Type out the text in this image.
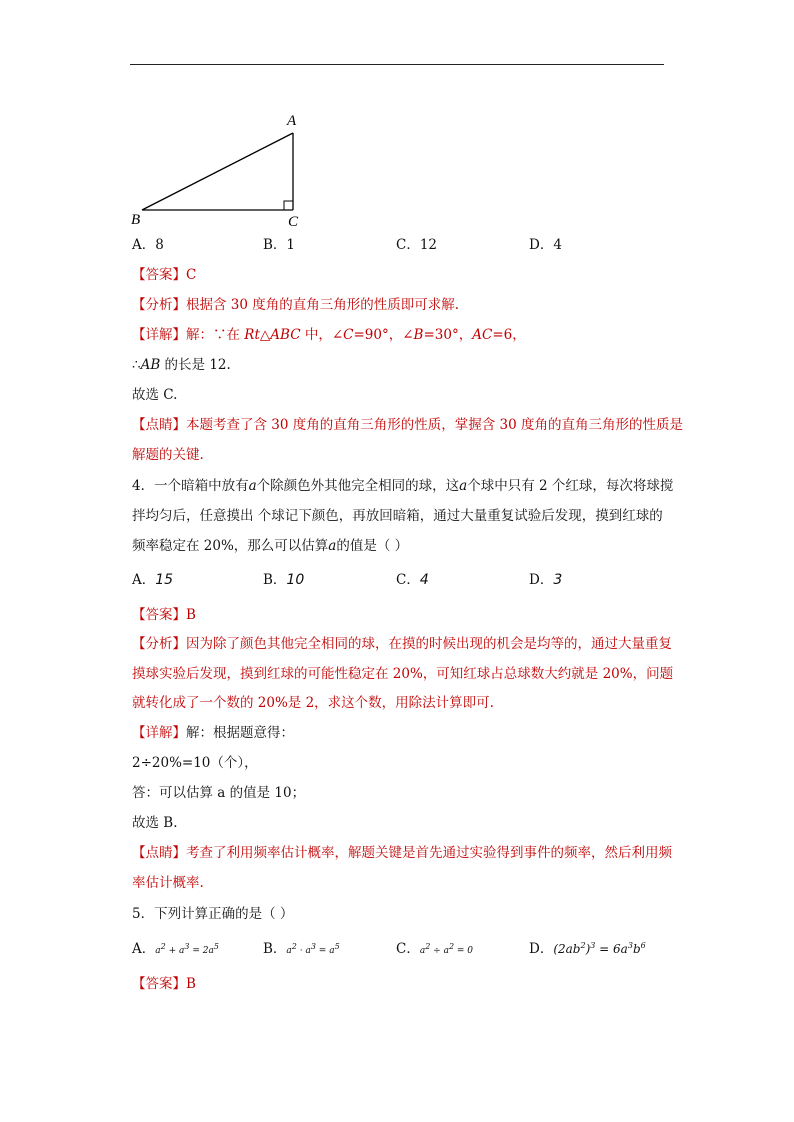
A
B	C
A．8	B．1	C．12	D．4
【答案】C
【分析】根据含 30 度角的直角三角形的性质即可求解.
【详解】解：∵在 Rt△ABC 中，∠C=90°，∠B=30°，AC=6，
∴AB 的长是 12.
故选 C.
【点睛】本题考查了含 30 度角的直角三角形的性质，掌握含 30 度角的直角三角形的性质是
解题的关键.
4．一个暗箱中放有a个除颜色外其他完全相同的球，这a个球中只有 2 个红球，每次将球搅
拌均匀后，任意摸出 个球记下颜色，再放回暗箱，通过大量重复试验后发现，摸到红球的
频率稳定在 20%，那么可以估算a的值是（ ）
A．15	B．10	C．4	D．3
【答案】B
【分析】因为除了颜色其他完全相同的球，在摸的时候出现的机会是均等的，通过大量重复
摸球实验后发现，摸到红球的可能性稳定在 20%，可知红球占总球数大约就是 20%，问题
就转化成了一个数的 20%是 2，求这个数，用除法计算即可.
【详解】解：根据题意得：
2÷20%=10（个），
答：可以估算 a 的值是 10；
故选 B.
【点睛】考查了利用频率估计概率，解题关键是首先通过实验得到事件的频率，然后利用频
率估计概率.
5．下列计算正确的是（ ）
A．$a^2 + a^3 = 2a^5$	B．$a^2 \cdot a^3 = a^5$	C．$a^2 \div a^2 = 0$	D．$(2ab^2)^3 = 6a^3b^6$
【答案】B
